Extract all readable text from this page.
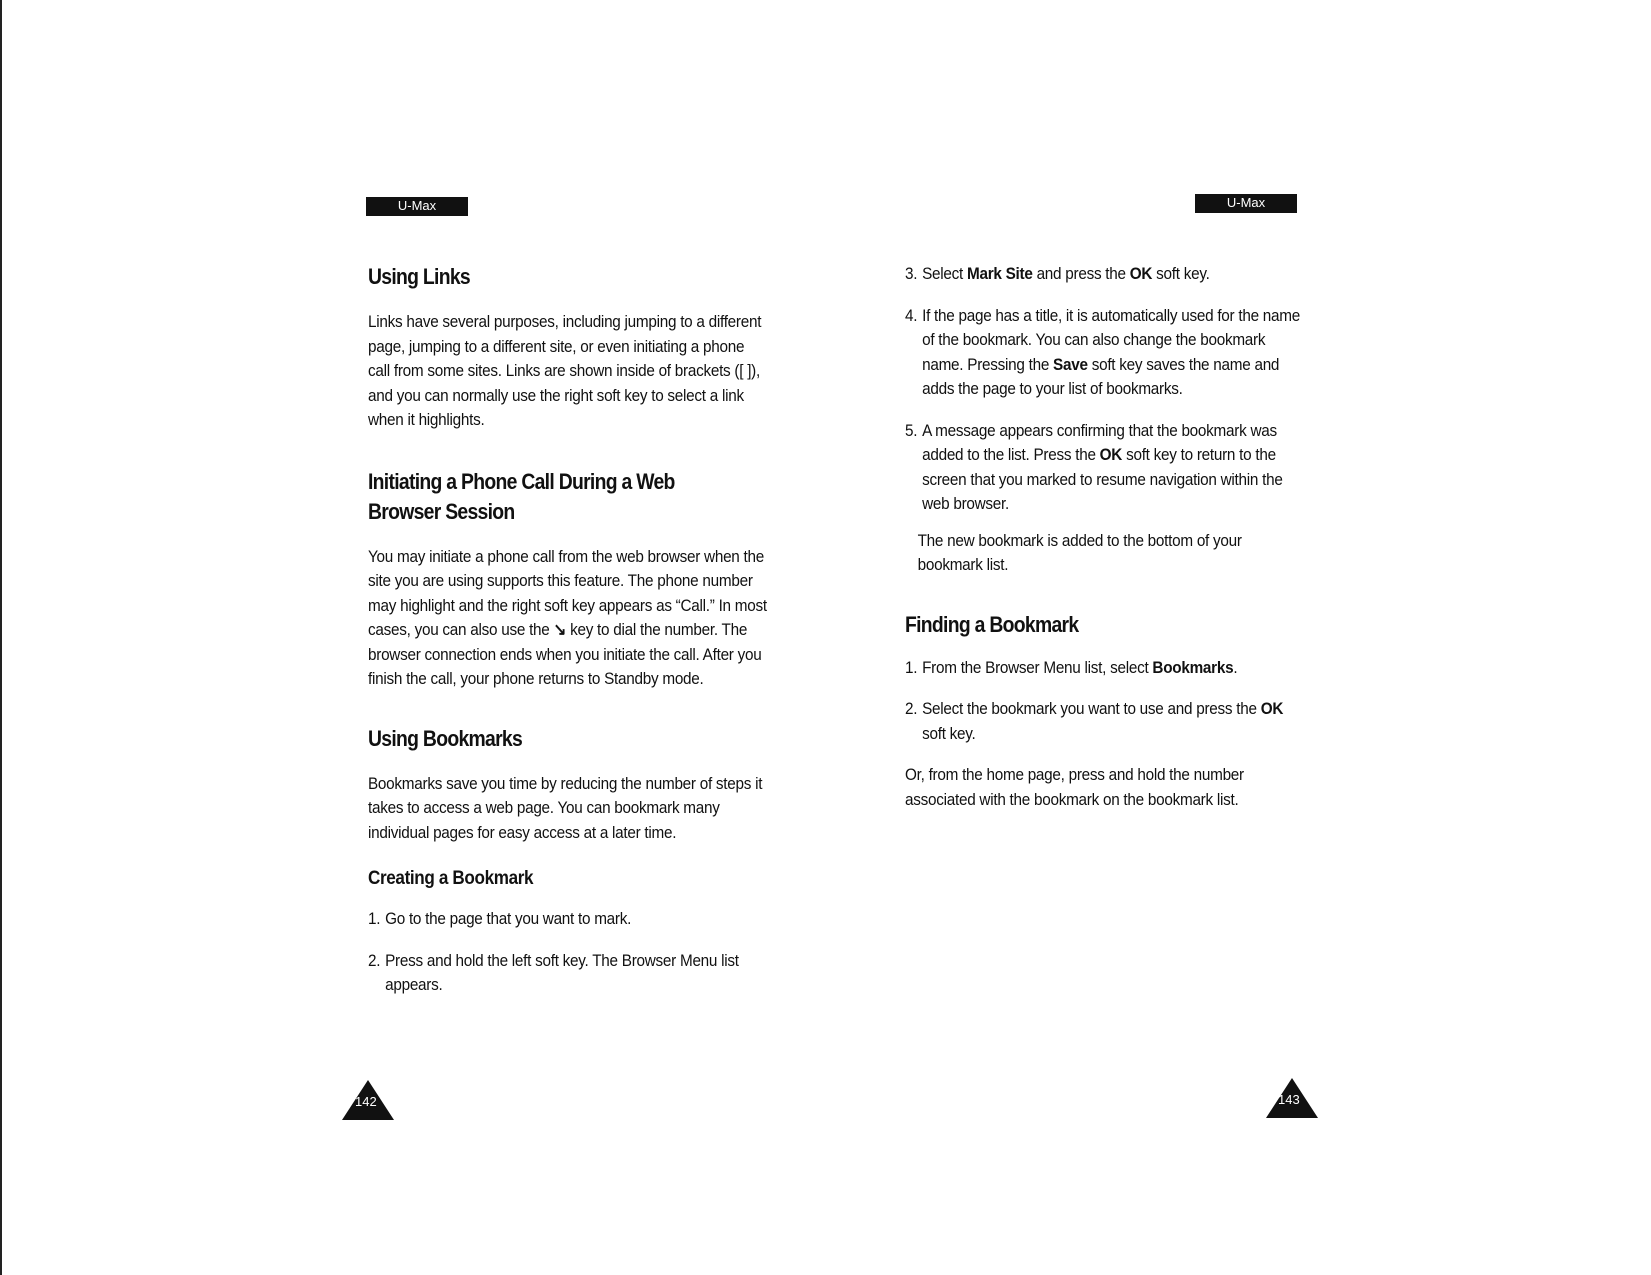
U-Max	U-Max
Using Links

Links have several purposes, including jumping to a different page, jumping to a different site, or even initiating a phone call from some sites. Links are shown inside of brackets ([ ]), and you can normally use the right soft key to select a link when it highlights.

Initiating a Phone Call During a Web Browser Session

You may initiate a phone call from the web browser when the site you are using supports this feature. The phone number may highlight and the right soft key appears as “Call.” In most cases, you can also use the ↘ key to dial the number. The browser connection ends when you initiate the call. After you finish the call, your phone returns to Standby mode.

Using Bookmarks

Bookmarks save you time by reducing the number of steps it takes to access a web page. You can bookmark many individual pages for easy access at a later time.

Creating a Bookmark
1. Go to the page that you want to mark.
2. Press and hold the left soft key. The Browser Menu list appears.
3. Select Mark Site and press the OK soft key.
4. If the page has a title, it is automatically used for the name of the bookmark. You can also change the bookmark name. Pressing the Save soft key saves the name and adds the page to your list of bookmarks.
5. A message appears confirming that the bookmark was added to the list. Press the OK soft key to return to the screen that you marked to resume navigation within the web browser.

The new bookmark is added to the bottom of your bookmark list.

Finding a Bookmark
1. From the Browser Menu list, select Bookmarks.
2. Select the bookmark you want to use and press the OK soft key.

Or, from the home page, press and hold the number associated with the bookmark on the bookmark list.

142	143
